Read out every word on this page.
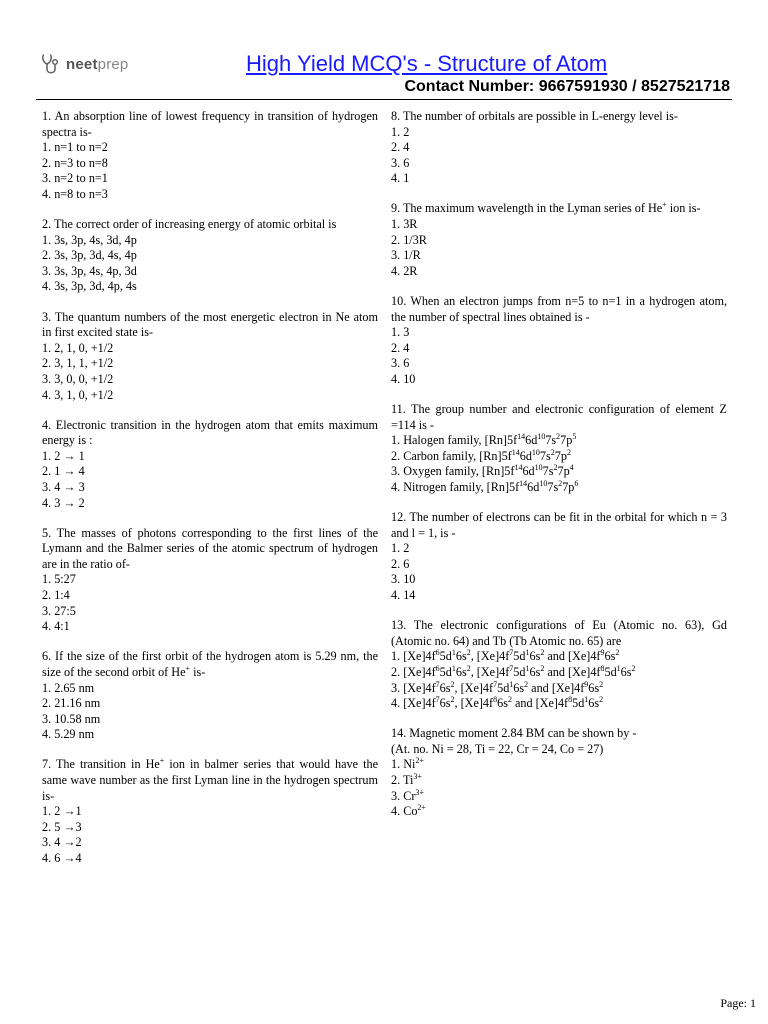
neetprep	High Yield MCQ's - Structure of Atom
Contact Number: 9667591930 / 8527521718
1. An absorption line of lowest frequency in transition of hydrogen spectra is-
1. n=1 to n=2
2. n=3 to n=8
3. n=2 to n=1
4. n=8 to n=3
2. The correct order of increasing energy of atomic orbital is
1. 3s, 3p, 4s, 3d, 4p
2. 3s, 3p, 3d, 4s, 4p
3. 3s, 3p, 4s, 4p, 3d
4. 3s, 3p, 3d, 4p, 4s
3. The quantum numbers of the most energetic electron in Ne atom in first excited state is-
1. 2, 1, 0, +1/2
2. 3, 1, 1, +1/2
3. 3, 0, 0, +1/2
4. 3, 1, 0, +1/2
4. Electronic transition in the hydrogen atom that emits maximum energy is :
1. 2 → 1
2. 1 → 4
3. 4 → 3
4. 3 → 2
5. The masses of photons corresponding to the first lines of the Lymann and the Balmer series of the atomic spectrum of hydrogen are in the ratio of-
1. 5:27
2. 1:4
3. 27:5
4. 4:1
6. If the size of the first orbit of the hydrogen atom is 5.29 nm, the size of the second orbit of He+ is-
1. 2.65 nm
2. 21.16 nm
3. 10.58 nm
4. 5.29 nm
7. The transition in He+ ion in balmer series that would have the same wave number as the first Lyman line in the hydrogen spectrum is-
1. 2 →1
2. 5 →3
3. 4 →2
4. 6 →4
8. The number of orbitals are possible in L-energy level is-
1. 2
2. 4
3. 6
4. 1
9. The maximum wavelength in the Lyman series of He+ ion is-
1. 3R
2. 1/3R
3. 1/R
4. 2R
10. When an electron jumps from n=5 to n=1 in a hydrogen atom, the number of spectral lines obtained is -
1. 3
2. 4
3. 6
4. 10
11. The group number and electronic configuration of element Z =114 is -
1. Halogen family, $[Rn]5f^{14}6d^{10}7s^27p^5$
2. Carbon family, $[Rn]5f^{14}6d^{10}7s^27p^2$
3. Oxygen family, $[Rn]5f^{14}6d^{10}7s^27p^4$
4. Nitrogen family, $[Rn]5f^{14}6d^{10}7s^27p^6$
12. The number of electrons can be fit in the orbital for which n = 3 and l = 1, is -
1. 2
2. 6
3. 10
4. 14
13. The electronic configurations of Eu (Atomic no. 63), Gd (Atomic no. 64) and Tb (Tb Atomic no. 65) are
1. $[Xe]4f^65d^16s^2$, $[Xe]4f^75d^16s^2$ and $[Xe]4f^96s^2$
2. $[Xe]4f^65d^16s^2$, $[Xe]4f^75d^16s^2$ and $[Xe]4f^85d^16s^2$
3. $[Xe]4f^76s^2$, $[Xe]4f^75d^16s^2$ and $[Xe]4f^96s^2$
4. $[Xe]4f^76s^2$, $[Xe]4f^86s^2$ and $[Xe]4f^85d^16s^2$
14. Magnetic moment 2.84 BM can be shown by -
(At. no. Ni = 28, Ti = 22, Cr = 24, Co = 27)
1. $Ni^{2+}$
2. $Ti^{3+}$
3. $Cr^{3+}$
4. $Co^{2+}$
Page: 1
